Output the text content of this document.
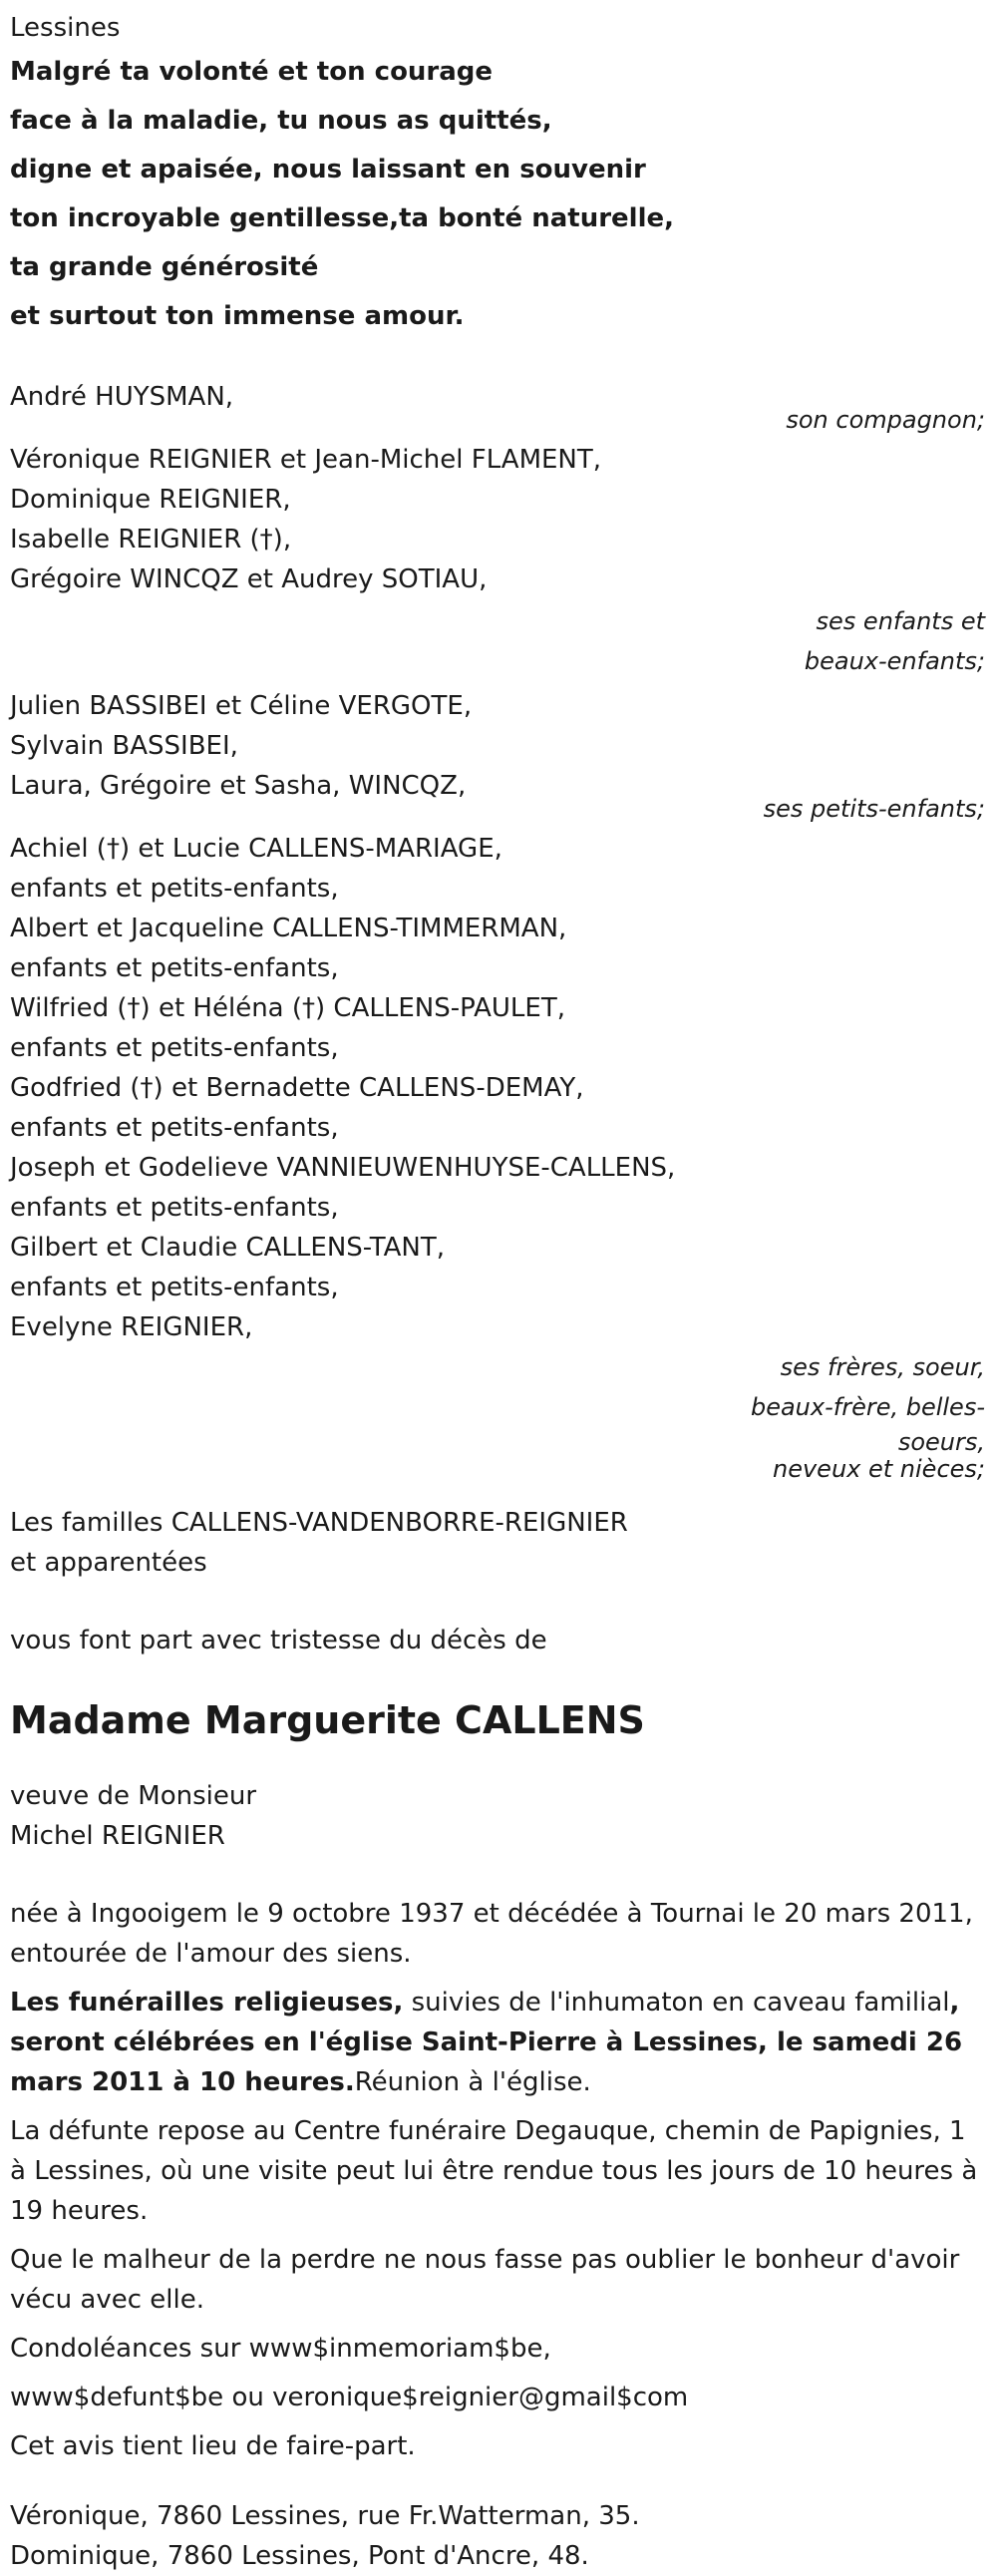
Lessines

Malgré ta volonté et ton courage

face à la maladie, tu nous as quittés,

digne et apaisée, nous laissant en souvenir

ton incroyable gentillesse,ta bonté naturelle,

ta grande générosité

et surtout ton immense amour.

André HUYSMAN,

son compagnon;

Véronique REIGNIER et Jean-Michel FLAMENT,

Dominique REIGNIER,

Isabelle REIGNIER (†),

Grégoire WINCQZ et Audrey SOTIAU,

ses enfants et

beaux-enfants;

Julien BASSIBEI et Céline VERGOTE,

Sylvain BASSIBEI,

Laura, Grégoire et Sasha, WINCQZ,

ses petits-enfants;

Achiel (†) et Lucie CALLENS-MARIAGE,

enfants et petits-enfants,

Albert et Jacqueline CALLENS-TIMMERMAN,

enfants et petits-enfants,

Wilfried (†) et Héléna (†) CALLENS-PAULET,

enfants et petits-enfants,

Godfried (†) et Bernadette CALLENS-DEMAY,

enfants et petits-enfants,

Joseph et Godelieve VANNIEUWENHUYSE-CALLENS,

enfants et petits-enfants,

Gilbert et Claudie CALLENS-TANT,

enfants et petits-enfants,

Evelyne REIGNIER,

ses frères, soeur,

beaux-frère, belles-

soeurs,

neveux et nièces;

Les familles CALLENS-VANDENBORRE-REIGNIER

et apparentées

vous font part avec tristesse du décès de

Madame Marguerite CALLENS

veuve de Monsieur

Michel REIGNIER

née à Ingooigem le 9 octobre 1937 et décédée à Tournai le 20 mars 2011, entourée de l'amour des siens.

Les funérailles religieuses, suivies de l'inhumaton en caveau familial, seront célébrées en l'église Saint-Pierre à Lessines, le samedi 26 mars 2011 à 10 heures.Réunion à l'église.

La défunte repose au Centre funéraire Degauque, chemin de Papignies, 1 à Lessines, où une visite peut lui être rendue tous les jours de 10 heures à 19 heures.

Que le malheur de la perdre ne nous fasse pas oublier le bonheur d'avoir vécu avec elle.

Condoléances sur www$inmemoriam$be,

www$defunt$be ou veronique$reignier@gmail$com

Cet avis tient lieu de faire-part.

Véronique, 7860 Lessines, rue Fr.Watterman, 35.

Dominique, 7860 Lessines, Pont d'Ancre, 48.
